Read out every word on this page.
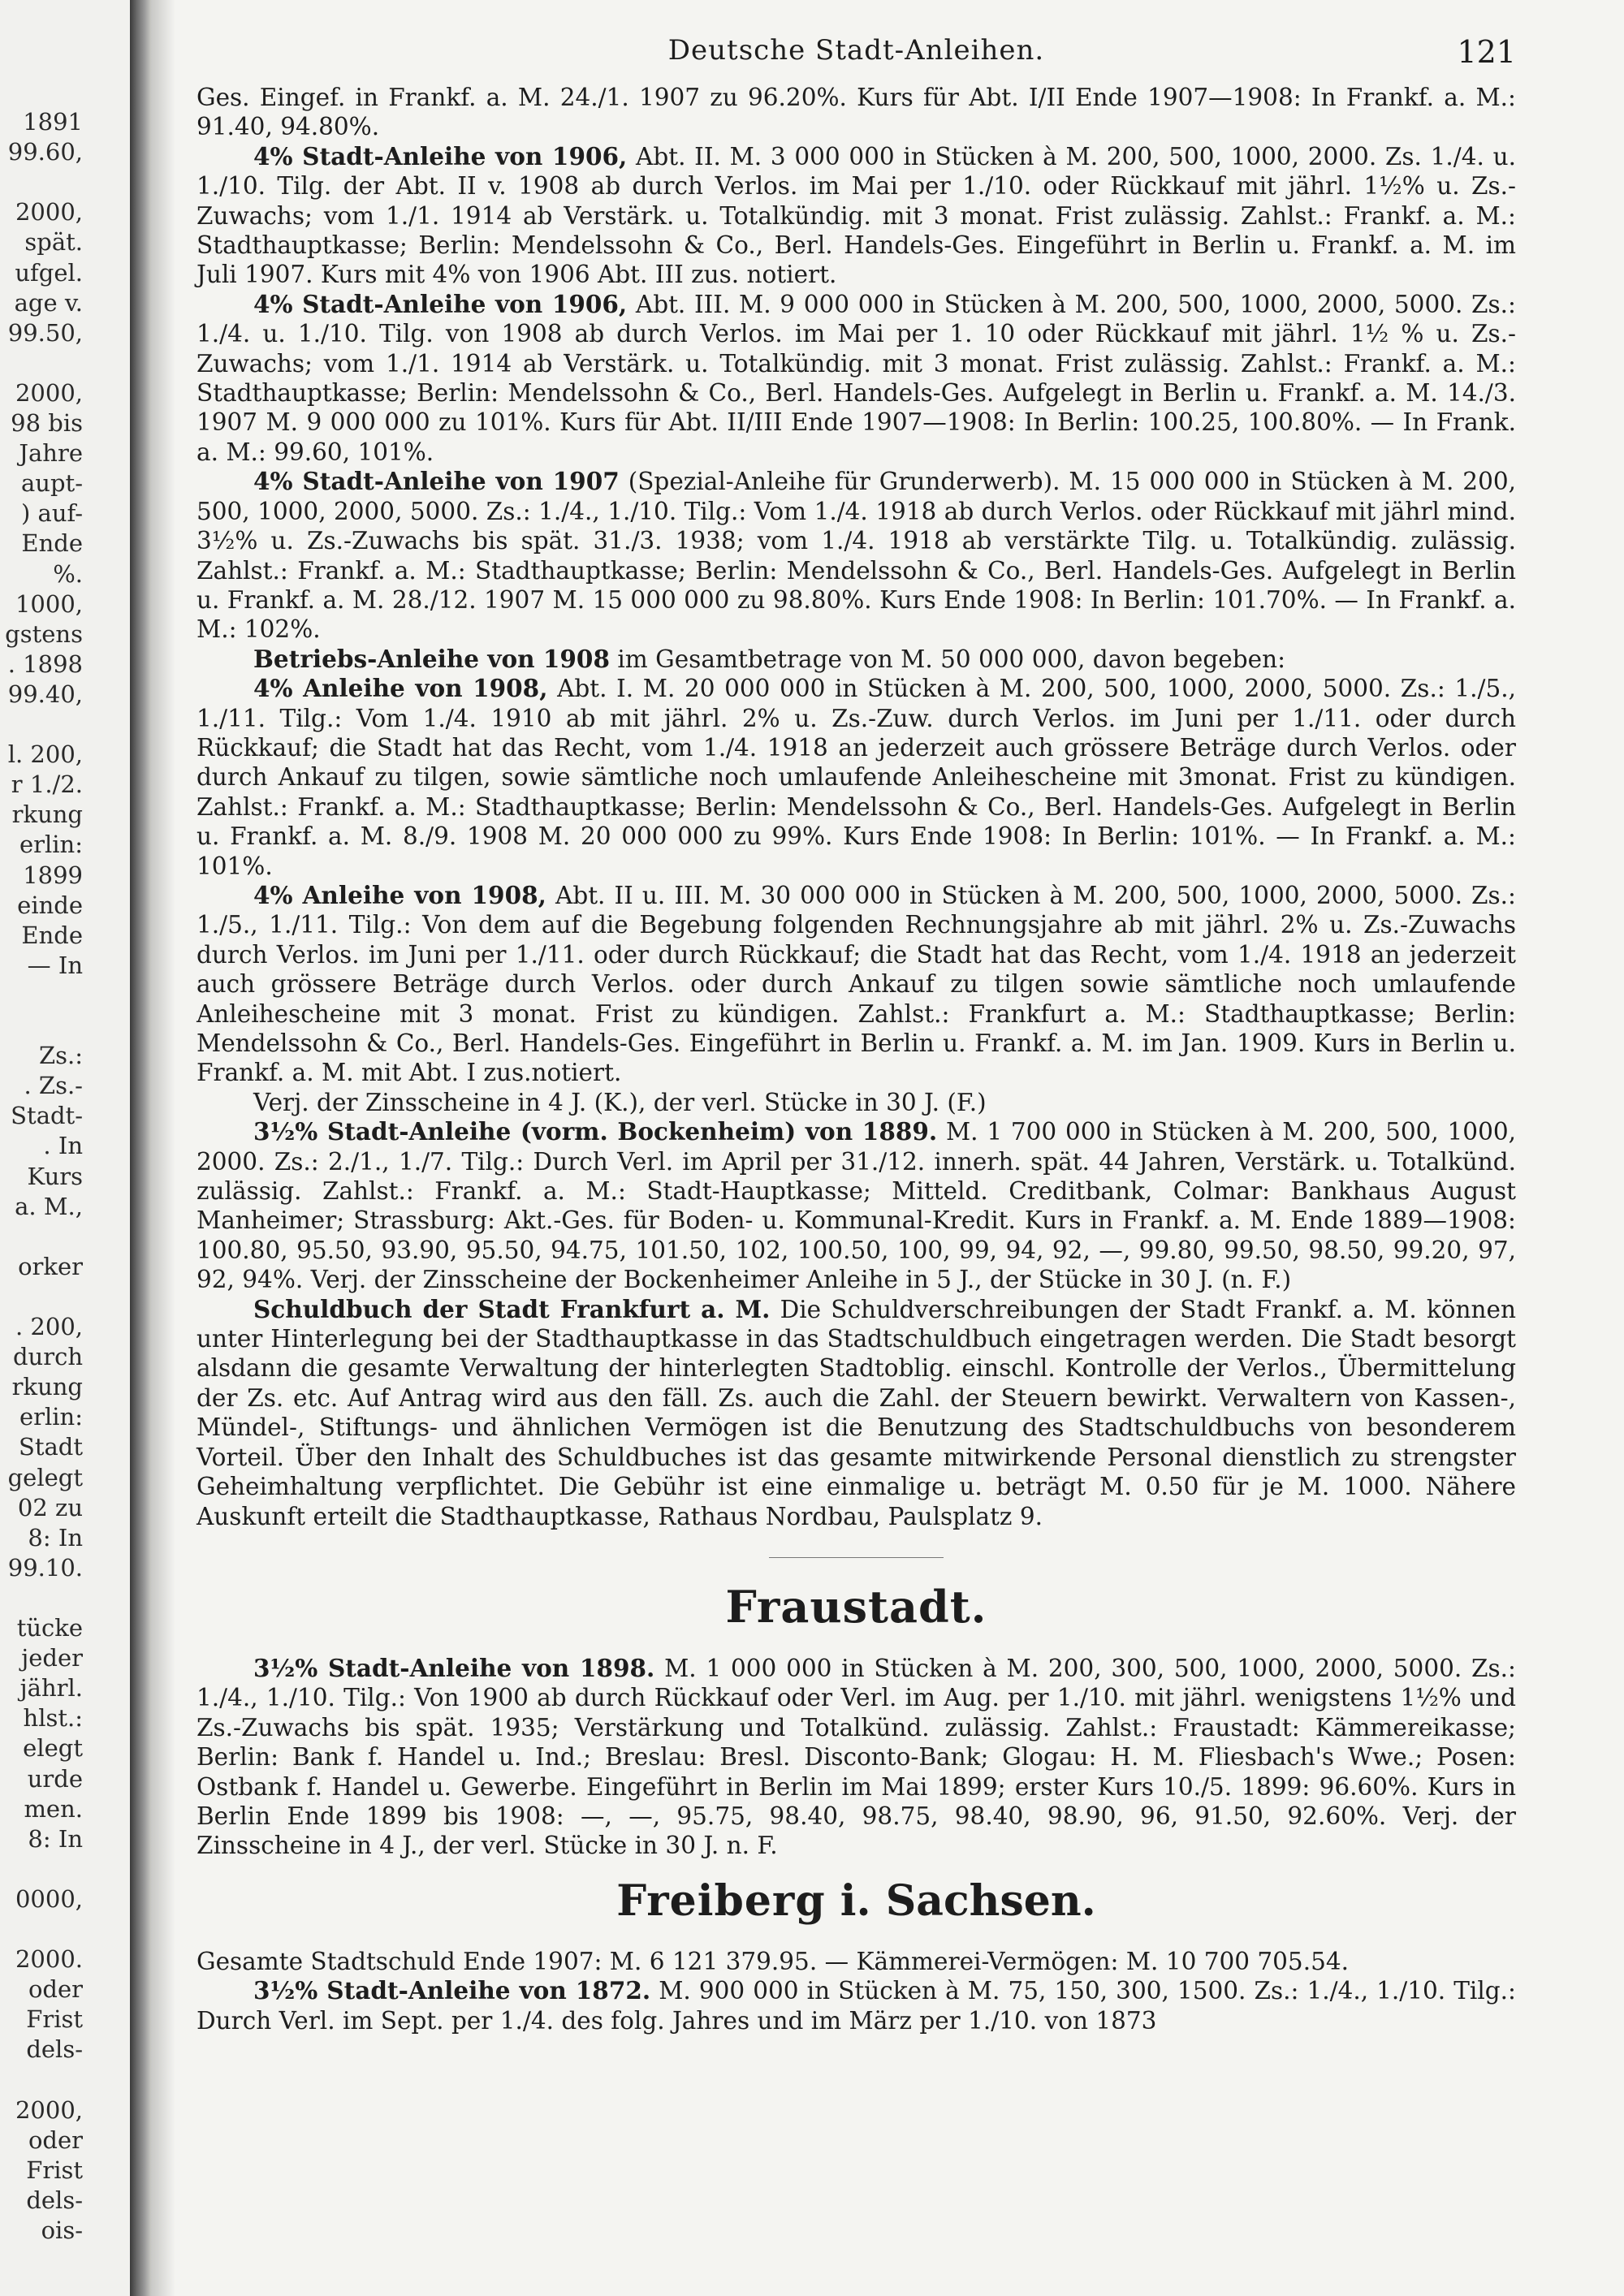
1891
99.60,
2000,
spät.
ufgel.
age v.
99.50,
2000,
98 bis
Jahre
aupt-
) auf-
Ende
%.
1000,
gstens
. 1898
99.40,
l. 200,
r 1./2.
rkung
erlin:
1899
einde
Ende
— In
Zs.:
. Zs.-
Stadt-
. In
Kurs
a. M.,
orker
. 200,
durch
rkung
erlin:
Stadt
gelegt
02 zu
8: In
99.10.
tücke
jeder
jährl.
hlst.:
elegt
urde
men.
8: In
0000,
2000.
oder
Frist
dels-
2000,
oder
Frist
dels-
ois-
Deutsche Stadt-Anleihen.	121

Ges. Eingef. in Frankf. a. M. 24./1. 1907 zu 96.20%. Kurs für Abt. I/II Ende 1907—1908: In Frankf. a. M.: 91.40, 94.80%.

4% Stadt-Anleihe von 1906, Abt. II. M. 3 000 000 in Stücken à M. 200, 500, 1000, 2000. Zs. 1./4. u. 1./10. Tilg. der Abt. II v. 1908 ab durch Verlos. im Mai per 1./10. oder Rückkauf mit jährl. 1½% u. Zs.-Zuwachs; vom 1./1. 1914 ab Verstärk. u. Totalkündig. mit 3 monat. Frist zulässig. Zahlst.: Frankf. a. M.: Stadthauptkasse; Berlin: Mendelssohn & Co., Berl. Handels-Ges. Eingeführt in Berlin u. Frankf. a. M. im Juli 1907. Kurs mit 4% von 1906 Abt. III zus. notiert.

4% Stadt-Anleihe von 1906, Abt. III. M. 9 000 000 in Stücken à M. 200, 500, 1000, 2000, 5000. Zs.: 1./4. u. 1./10. Tilg. von 1908 ab durch Verlos. im Mai per 1. 10 oder Rückkauf mit jährl. 1½ % u. Zs.-Zuwachs; vom 1./1. 1914 ab Verstärk. u. Totalkündig. mit 3 monat. Frist zulässig. Zahlst.: Frankf. a. M.: Stadthauptkasse; Berlin: Mendelssohn & Co., Berl. Handels-Ges. Aufgelegt in Berlin u. Frankf. a. M. 14./3. 1907 M. 9 000 000 zu 101%. Kurs für Abt. II/III Ende 1907—1908: In Berlin: 100.25, 100.80%. — In Frank. a. M.: 99.60, 101%.

4% Stadt-Anleihe von 1907 (Spezial-Anleihe für Grunderwerb). M. 15 000 000 in Stücken à M. 200, 500, 1000, 2000, 5000. Zs.: 1./4., 1./10. Tilg.: Vom 1./4. 1918 ab durch Verlos. oder Rückkauf mit jährl mind. 3½% u. Zs.-Zuwachs bis spät. 31./3. 1938; vom 1./4. 1918 ab verstärkte Tilg. u. Totalkündig. zulässig. Zahlst.: Frankf. a. M.: Stadthauptkasse; Berlin: Mendelssohn & Co., Berl. Handels-Ges. Aufgelegt in Berlin u. Frankf. a. M. 28./12. 1907 M. 15 000 000 zu 98.80%. Kurs Ende 1908: In Berlin: 101.70%. — In Frankf. a. M.: 102%.

Betriebs-Anleihe von 1908 im Gesamtbetrage von M. 50 000 000, davon begeben:

4% Anleihe von 1908, Abt. I. M. 20 000 000 in Stücken à M. 200, 500, 1000, 2000, 5000. Zs.: 1./5., 1./11. Tilg.: Vom 1./4. 1910 ab mit jährl. 2% u. Zs.-Zuw. durch Verlos. im Juni per 1./11. oder durch Rückkauf; die Stadt hat das Recht, vom 1./4. 1918 an jederzeit auch grössere Beträge durch Verlos. oder durch Ankauf zu tilgen, sowie sämtliche noch umlaufende Anleihescheine mit 3monat. Frist zu kündigen. Zahlst.: Frankf. a. M.: Stadthauptkasse; Berlin: Mendelssohn & Co., Berl. Handels-Ges. Aufgelegt in Berlin u. Frankf. a. M. 8./9. 1908 M. 20 000 000 zu 99%. Kurs Ende 1908: In Berlin: 101%. — In Frankf. a. M.: 101%.

4% Anleihe von 1908, Abt. II u. III. M. 30 000 000 in Stücken à M. 200, 500, 1000, 2000, 5000. Zs.: 1./5., 1./11. Tilg.: Von dem auf die Begebung folgenden Rechnungsjahre ab mit jährl. 2% u. Zs.-Zuwachs durch Verlos. im Juni per 1./11. oder durch Rückkauf; die Stadt hat das Recht, vom 1./4. 1918 an jederzeit auch grössere Beträge durch Verlos. oder durch Ankauf zu tilgen sowie sämtliche noch umlaufende Anleihescheine mit 3 monat. Frist zu kündigen. Zahlst.: Frankfurt a. M.: Stadthauptkasse; Berlin: Mendelssohn & Co., Berl. Handels-Ges. Eingeführt in Berlin u. Frankf. a. M. im Jan. 1909. Kurs in Berlin u. Frankf. a. M. mit Abt. I zus.notiert.

Verj. der Zinsscheine in 4 J. (K.), der verl. Stücke in 30 J. (F.)

3½% Stadt-Anleihe (vorm. Bockenheim) von 1889. M. 1 700 000 in Stücken à M. 200, 500, 1000, 2000. Zs.: 2./1., 1./7. Tilg.: Durch Verl. im April per 31./12. innerh. spät. 44 Jahren, Verstärk. u. Totalkünd. zulässig. Zahlst.: Frankf. a. M.: Stadt-Hauptkasse; Mitteld. Creditbank, Colmar: Bankhaus August Manheimer; Strassburg: Akt.-Ges. für Boden- u. Kommunal-Kredit. Kurs in Frankf. a. M. Ende 1889—1908: 100.80, 95.50, 93.90, 95.50, 94.75, 101.50, 102, 100.50, 100, 99, 94, 92, —, 99.80, 99.50, 98.50, 99.20, 97, 92, 94%. Verj. der Zinsscheine der Bockenheimer Anleihe in 5 J., der Stücke in 30 J. (n. F.)

Schuldbuch der Stadt Frankfurt a. M. Die Schuldverschreibungen der Stadt Frankf. a. M. können unter Hinterlegung bei der Stadthauptkasse in das Stadtschuldbuch eingetragen werden. Die Stadt besorgt alsdann die gesamte Verwaltung der hinterlegten Stadtoblig. einschl. Kontrolle der Verlos., Übermittelung der Zs. etc. Auf Antrag wird aus den fäll. Zs. auch die Zahl. der Steuern bewirkt. Verwaltern von Kassen-, Mündel-, Stiftungs- und ähnlichen Vermögen ist die Benutzung des Stadtschuldbuchs von besonderem Vorteil. Über den Inhalt des Schuldbuches ist das gesamte mitwirkende Personal dienstlich zu strengster Geheimhaltung verpflichtet. Die Gebühr ist eine einmalige u. beträgt M. 0.50 für je M. 1000. Nähere Auskunft erteilt die Stadthauptkasse, Rathaus Nordbau, Paulsplatz 9.

Fraustadt.

3½% Stadt-Anleihe von 1898. M. 1 000 000 in Stücken à M. 200, 300, 500, 1000, 2000, 5000. Zs.: 1./4., 1./10. Tilg.: Von 1900 ab durch Rückkauf oder Verl. im Aug. per 1./10. mit jährl. wenigstens 1½% und Zs.-Zuwachs bis spät. 1935; Verstärkung und Totalkünd. zulässig. Zahlst.: Fraustadt: Kämmereikasse; Berlin: Bank f. Handel u. Ind.; Breslau: Bresl. Disconto-Bank; Glogau: H. M. Fliesbach's Wwe.; Posen: Ostbank f. Handel u. Gewerbe. Eingeführt in Berlin im Mai 1899; erster Kurs 10./5. 1899: 96.60%. Kurs in Berlin Ende 1899 bis 1908: —, —, 95.75, 98.40, 98.75, 98.40, 98.90, 96, 91.50, 92.60%. Verj. der Zinsscheine in 4 J., der verl. Stücke in 30 J. n. F.

Freiberg i. Sachsen.

Gesamte Stadtschuld Ende 1907: M. 6 121 379.95. — Kämmerei-Vermögen: M. 10 700 705.54.

3½% Stadt-Anleihe von 1872. M. 900 000 in Stücken à M. 75, 150, 300, 1500. Zs.: 1./4., 1./10. Tilg.: Durch Verl. im Sept. per 1./4. des folg. Jahres und im März per 1./10. von 1873
